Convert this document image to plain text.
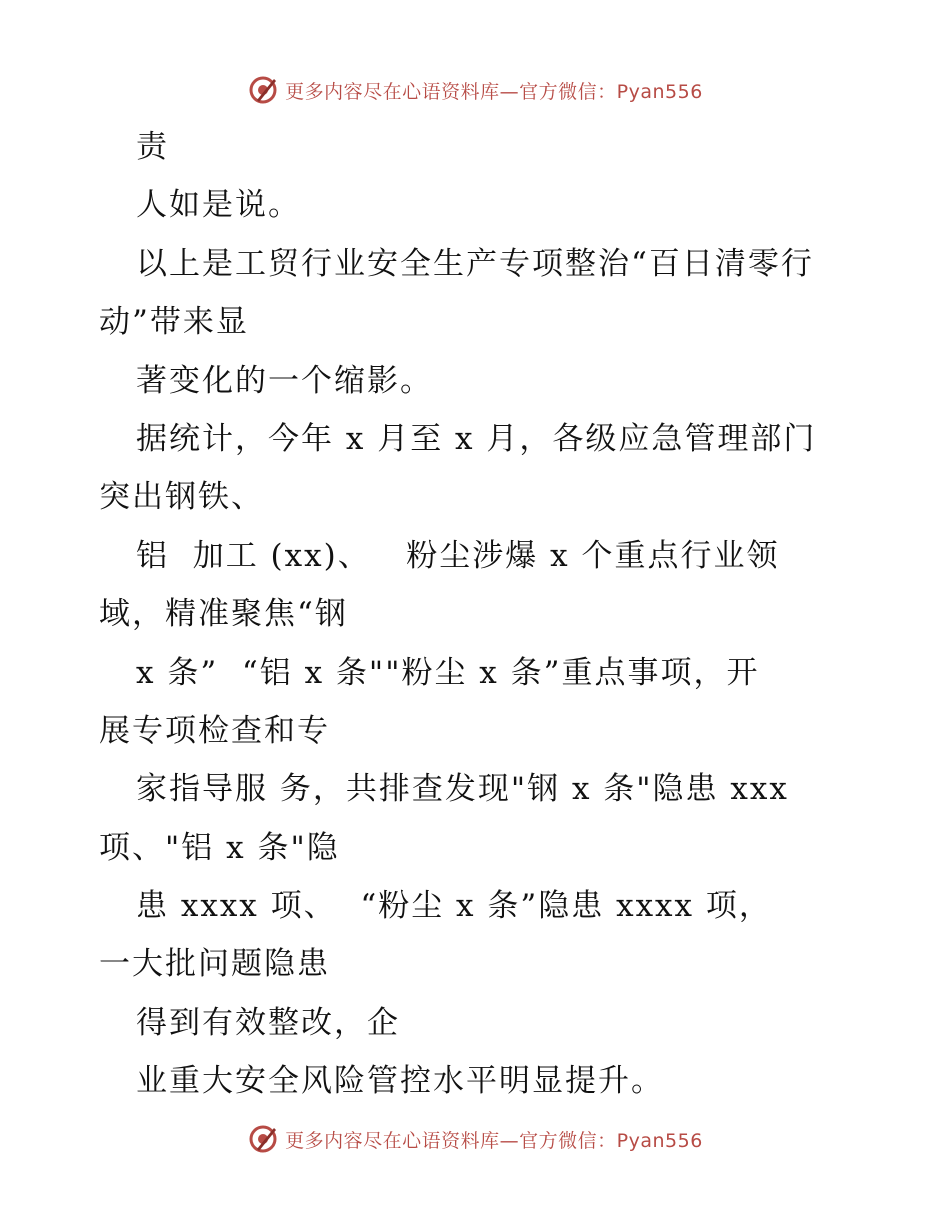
更多内容尽在心语资料库—官方微信：Pyan556
责
人如是说。
以上是工贸行业安全生产专项整治“百日清零行
动”带来显
著变化的一个缩影。
据统计，今年 x 月至 x 月，各级应急管理部门
突出钢铁、
铝  加工 (xx)、   粉尘涉爆 x 个重点行业领
域，精准聚焦“钢
x 条”  “铝 x 条""粉尘 x 条”重点事项，开
展专项检查和专
家指导服 务，共排查发现"钢 x 条"隐患 xxx
项、"铝 x 条"隐
患 xxxx 项、  “粉尘 x 条”隐患 xxxx 项，
一大批问题隐患
得到有效整改，企
业重大安全风险管控水平明显提升。
更多内容尽在心语资料库—官方微信：Pyan556
